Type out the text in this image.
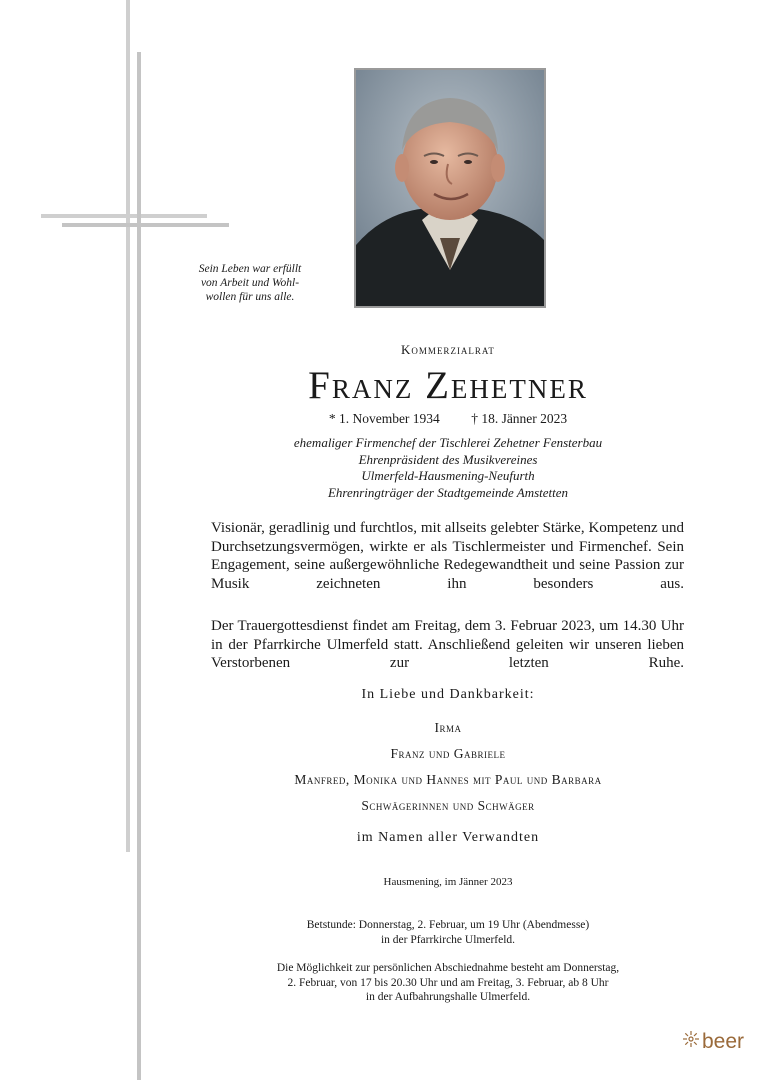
Sein Leben war erfüllt
von Arbeit und Wohl-
wollen für uns alle.
Kommerzialrat
Franz Zehetner
* 1. November 1934 † 18. Jänner 2023
ehemaliger Firmenchef der Tischlerei Zehetner Fensterbau
Ehrenpräsident des Musikvereines
Ulmerfeld-Hausmening-Neufurth
Ehrenringträger der Stadtgemeinde Amstetten
Visionär, geradlinig und furchtlos, mit allseits gelebter Stärke, Kompetenz und Durchsetzungsvermögen, wirkte er als Tischlermeister und Firmenchef. Sein Engagement, seine außergewöhnliche Redegewandtheit und seine Passion zur Musik zeichneten ihn besonders aus.
Der Trauergottesdienst findet am Freitag, dem 3. Februar 2023, um 14.30 Uhr in der Pfarrkirche Ulmerfeld statt. Anschließend geleiten wir unseren lieben Verstorbenen zur letzten Ruhe.
In Liebe und Dankbarkeit:
Irma
Franz und Gabriele
Manfred, Monika und Hannes mit Paul und Barbara
Schwägerinnen und Schwäger
im Namen aller Verwandten
Hausmening, im Jänner 2023
Betstunde: Donnerstag, 2. Februar, um 19 Uhr (Abendmesse)
in der Pfarrkirche Ulmerfeld.
Die Möglichkeit zur persönlichen Abschiednahme besteht am Donnerstag,
2. Februar, von 17 bis 20.30 Uhr und am Freitag, 3. Februar, ab 8 Uhr
in der Aufbahrungshalle Ulmerfeld.
beer
